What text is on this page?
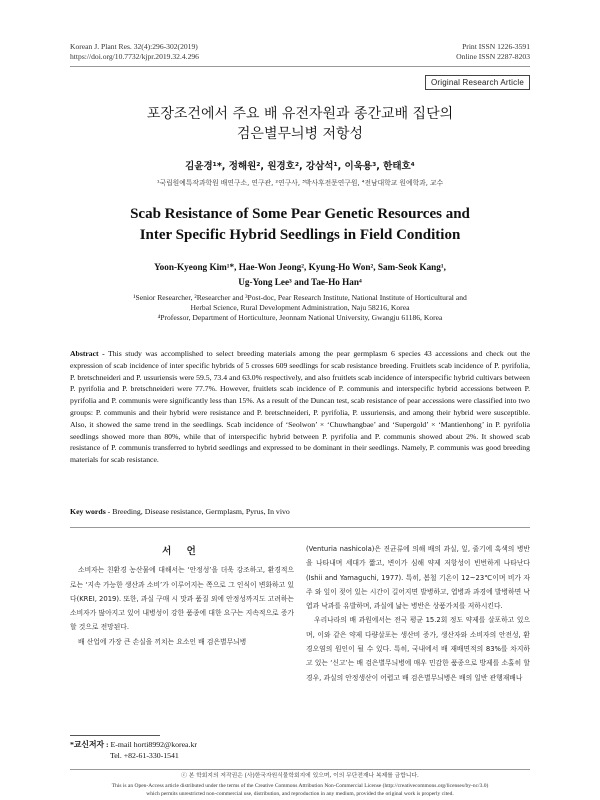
Korean J. Plant Res. 32(4):296-302(2019)
https://doi.org/10.7732/kjpr.2019.32.4.296
Print ISSN 1226-3591
Online ISSN 2287-8203
Original Research Article
포장조건에서 주요 배 유전자원과 종간교배 집단의
검은별무늬병 저항성
김윤경¹*, 정해원², 원경호², 강삼석¹, 이욱용³, 한태호⁴
¹국립원예특작과학원 배연구소, 연구관, ²연구사, ³박사후전문연구원, ⁴전남대학교 원예학과, 교수
Scab Resistance of Some Pear Genetic Resources and
Inter Specific Hybrid Seedlings in Field Condition
Yoon-Kyeong Kim¹*, Hae-Won Jeong², Kyung-Ho Won², Sam-Seok Kang¹,
Ug-Yong Lee³ and Tae-Ho Han⁴
¹Senior Researcher, ²Researcher and ³Post-doc, Pear Research Institute, National Institute of Horticultural and
Herbal Science, Rural Development Administration, Naju 58216, Korea
⁴Professor, Department of Horticulture, Jeonnam National University, Gwangju 61186, Korea
Abstract - This study was accomplished to select breeding materials among the pear germplasm 6 species 43 accessions and check out the expression of scab incidence of inter specific hybrids of 5 crosses 609 seedlings for scab resistance breeding. Fruitlets scab incidence of P. pyrifolia, P. bretschneideri and P. ussuriensis were 59.5, 73.4 and 63.0% respectively, and also fruitlets scab incidence of interspecific hybrid cultivars between P. pyrifolia and P. bretschneideri were 77.7%. However, fruitlets scab incidence of P. communis and interspecific hybrid accessions between P. pyrifolia and P. communis were significantly less than 15%. As a result of the Duncan test, scab resistance of pear accessions were classified into two groups: P. communis and their hybrid were resistance and P. bretschneideri, P. pyrifolia, P. ussuriensis, and among their hybrid were susceptible. Also, it showed the same trend in the seedlings. Scab incidence of ‘Seolwon’ × ‘Chuwhangbae’ and ‘Supergold’ × ‘Mantienhong’ in P. pyrifolia seedlings showed more than 80%, while that of interspecific hybrid between P. pyrifolia and P. communis showed about 2%. It showed scab resistance of P. communis transferred to hybrid seedlings and expressed to be dominant in their seedlings. Namely, P. communis was good breeding materials for scab resistance.
Key words - Breeding, Disease resistance, Germplasm, Pyrus, In vivo
서 언

소비자는 친환경 농산물에 대해서는 ‘안정성’을 더욱 강조하고, 환경적으로는 ‘지속 가능한 생산과 소비’가 이루어지는 쪽으로 그 인식이 변화하고 있다(KREI, 2019). 또한, 과실 구매 시 맛과 품질 외에 안정성까지도 고려하는 소비자가 많아지고 있어 내병성이 강한 품종에 대한 요구는 지속적으로 증가할 것으로 전망된다.

배 산업에 가장 큰 손실을 끼치는 요소인 배 검은별무늬병

(Venturia nashicola)은 진균류에 의해 배의 과실, 잎, 줄기에 흑색의 병반을 나타내며 세대가 짧고, 변이가 심해 약제 저항성이 빈번하게 나타난다(Ishii and Yamaguchi, 1977). 특히, 봄철 기온이 12~23℃이며 비가 자주 와 잎이 젖어 있는 시간이 길어지면 발병하고, 엽병과 과경에 발병하면 낙엽과 낙과를 유발하며, 과실에 낢는 병반은 상품가치를 저하시킨다.

우리나라의 배 과원에서는 전국 평균 15.2회 정도 약제를 살포하고 있으며, 이와 같은 약제 다량살포는 생산비 증가, 생산자와 소비자의 안전성, 환경오염의 원인이 될 수 있다. 특히, 국내에서 배 재배면적의 83%를 차지하고 있는 ‘신고’는 배 검은별무늬병에 매우 민감한 품종으로 방제를 소홀히 할 경우, 과실의 안정생산이 어렵고 배 검은별무늬병은 배의 일반 관행재배나

*교신저자 : E-mail horti8992@korea.kr
Tel. +82-61-330-1541
ⓒ 본 학회지의 저작권은 (사)한국자원식물학회지에 있으며, 이의 무단전재나 복제를 금합니다.
This is an Open-Access article distributed under the terms of the Creative Commons Attribution Non-Commercial License (http://creativecommons.org/licenses/by-nc/3.0)
which permits unrestricted non-commercial use, distribution, and reproduction in any medium, provided the original work is properly cited.
